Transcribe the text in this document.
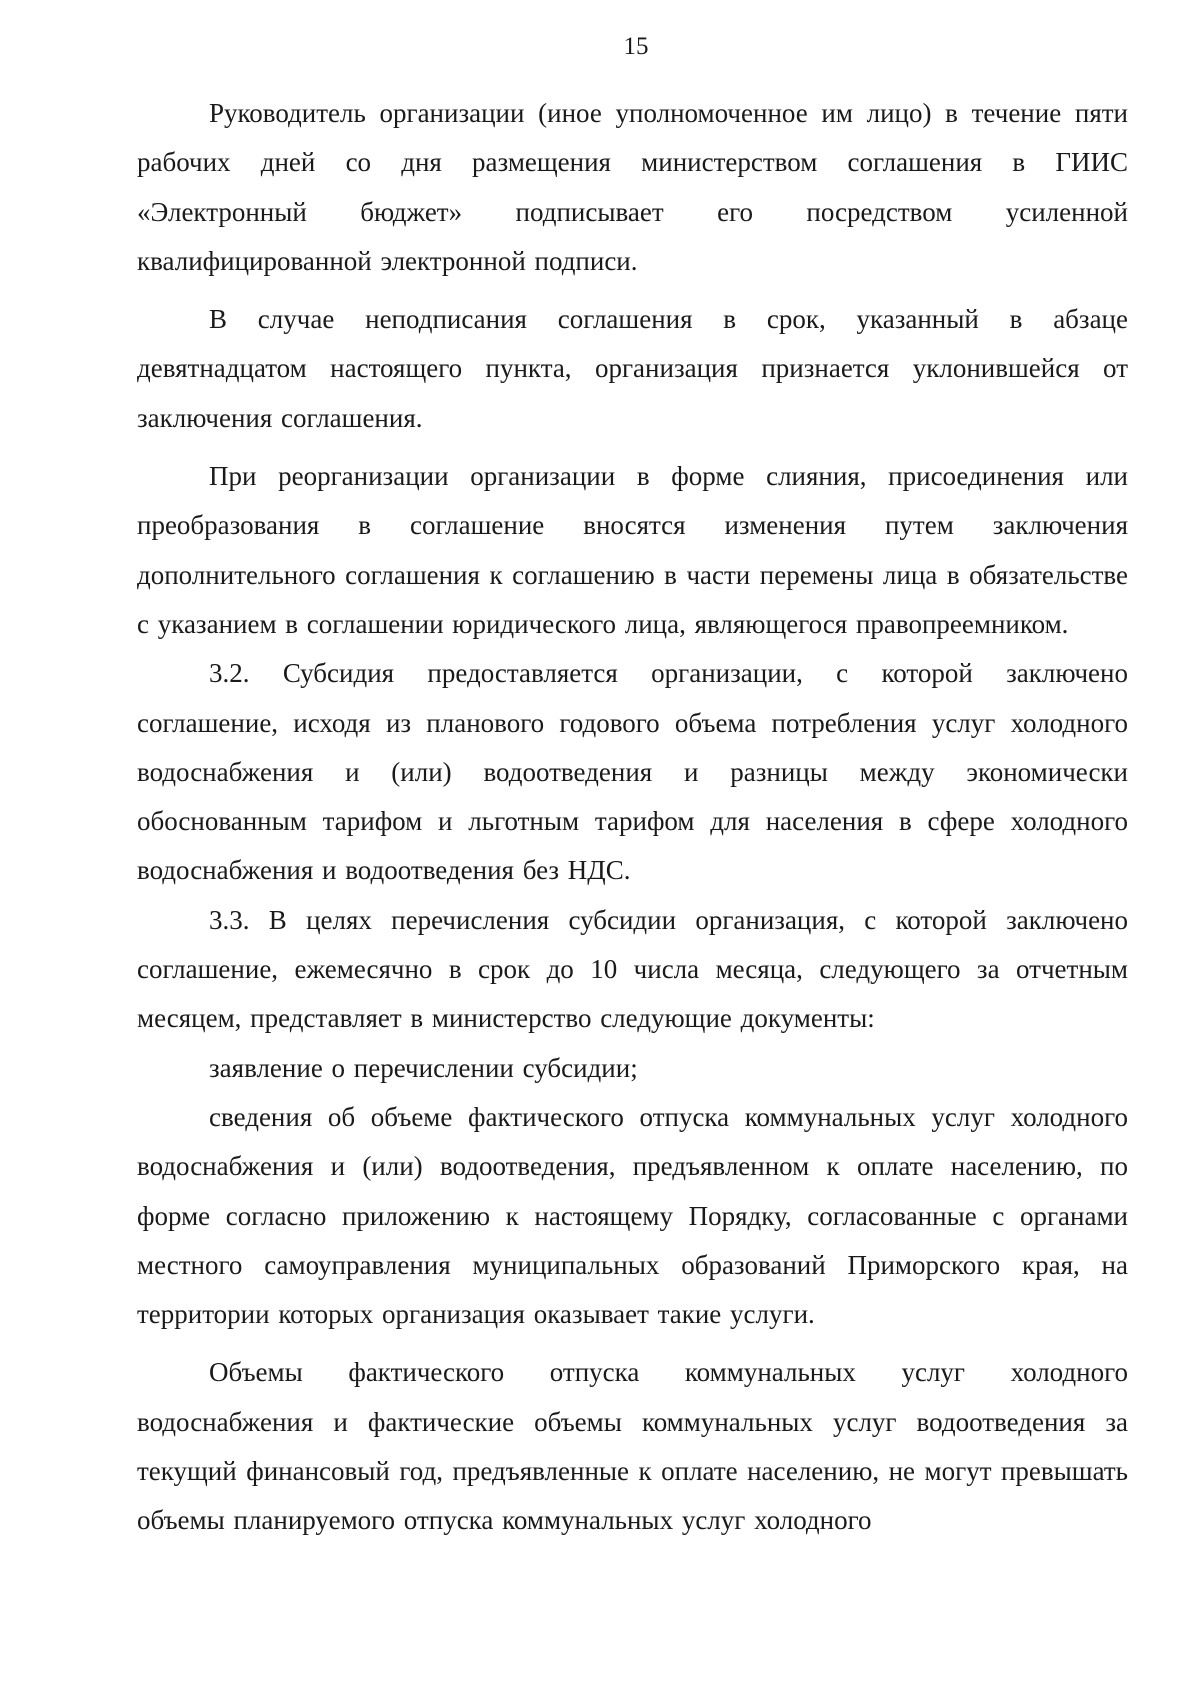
15

Руководитель организации (иное уполномоченное им лицо) в течение пяти рабочих дней со дня размещения министерством соглашения в ГИИС «Электронный бюджет» подписывает его посредством усиленной квалифицированной электронной подписи.

В случае неподписания соглашения в срок, указанный в абзаце девятнадцатом настоящего пункта, организация признается уклонившейся от заключения соглашения.

При реорганизации организации в форме слияния, присоединения или преобразования в соглашение вносятся изменения путем заключения дополнительного соглашения к соглашению в части перемены лица в обязательстве с указанием в соглашении юридического лица, являющегося правопреемником.

3.2. Субсидия предоставляется организации, с которой заключено соглашение, исходя из планового годового объема потребления услуг холодного водоснабжения и (или) водоотведения и разницы между экономически обоснованным тарифом и льготным тарифом для населения в сфере холодного водоснабжения и водоотведения без НДС.

3.3. В целях перечисления субсидии организация, с которой заключено соглашение, ежемесячно в срок до 10 числа месяца, следующего за отчетным месяцем, представляет в министерство следующие документы:

заявление о перечислении субсидии;

сведения об объеме фактического отпуска коммунальных услуг холодного водоснабжения и (или) водоотведения, предъявленном к оплате населению, по форме согласно приложению к настоящему Порядку, согласованные с органами местного самоуправления муниципальных образований Приморского края, на территории которых организация оказывает такие услуги.

Объемы фактического отпуска коммунальных услуг холодного водоснабжения и фактические объемы коммунальных услуг водоотведения за текущий финансовый год, предъявленные к оплате населению, не могут превышать объемы планируемого отпуска коммунальных услуг холодного
